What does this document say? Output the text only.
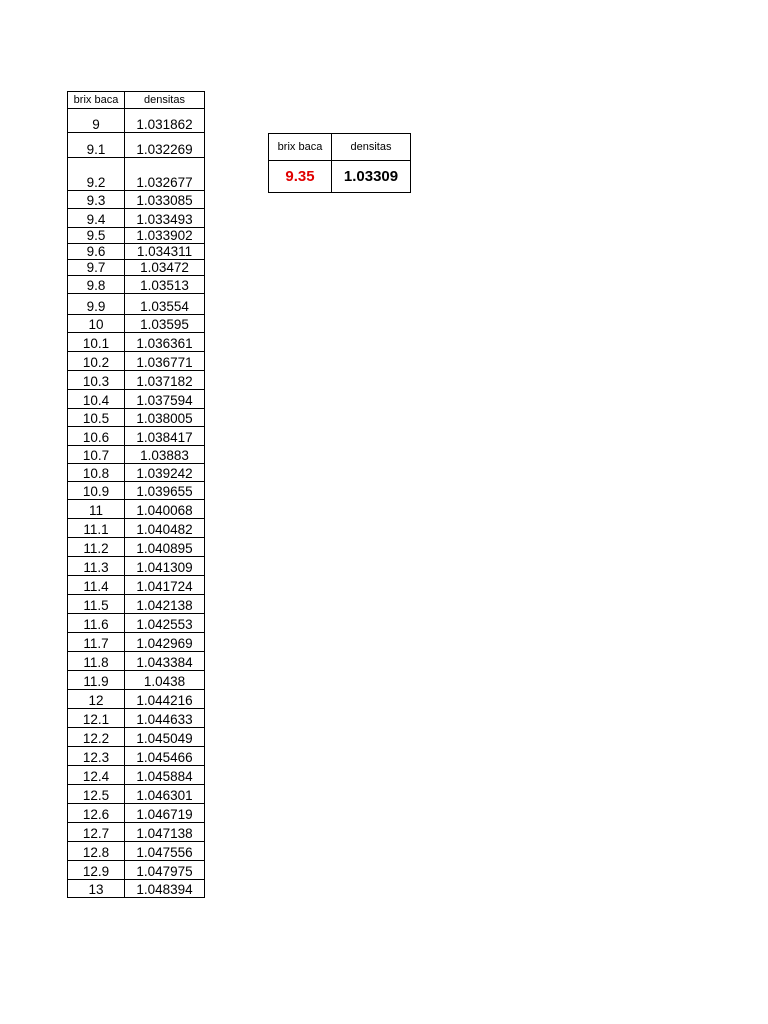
brix baca	densitas
9	1.031862
9.1	1.032269
9.2	1.032677
9.3	1.033085
9.4	1.033493
9.5	1.033902
9.6	1.034311
9.7	1.03472
9.8	1.03513
9.9	1.03554
10	1.03595
10.1	1.036361
10.2	1.036771
10.3	1.037182
10.4	1.037594
10.5	1.038005
10.6	1.038417
10.7	1.03883
10.8	1.039242
10.9	1.039655
11	1.040068
11.1	1.040482
11.2	1.040895
11.3	1.041309
11.4	1.041724
11.5	1.042138
11.6	1.042553
11.7	1.042969
11.8	1.043384
11.9	1.0438
12	1.044216
12.1	1.044633
12.2	1.045049
12.3	1.045466
12.4	1.045884
12.5	1.046301
12.6	1.046719
12.7	1.047138
12.8	1.047556
12.9	1.047975
13	1.048394
brix baca	densitas
9.35	1.03309
